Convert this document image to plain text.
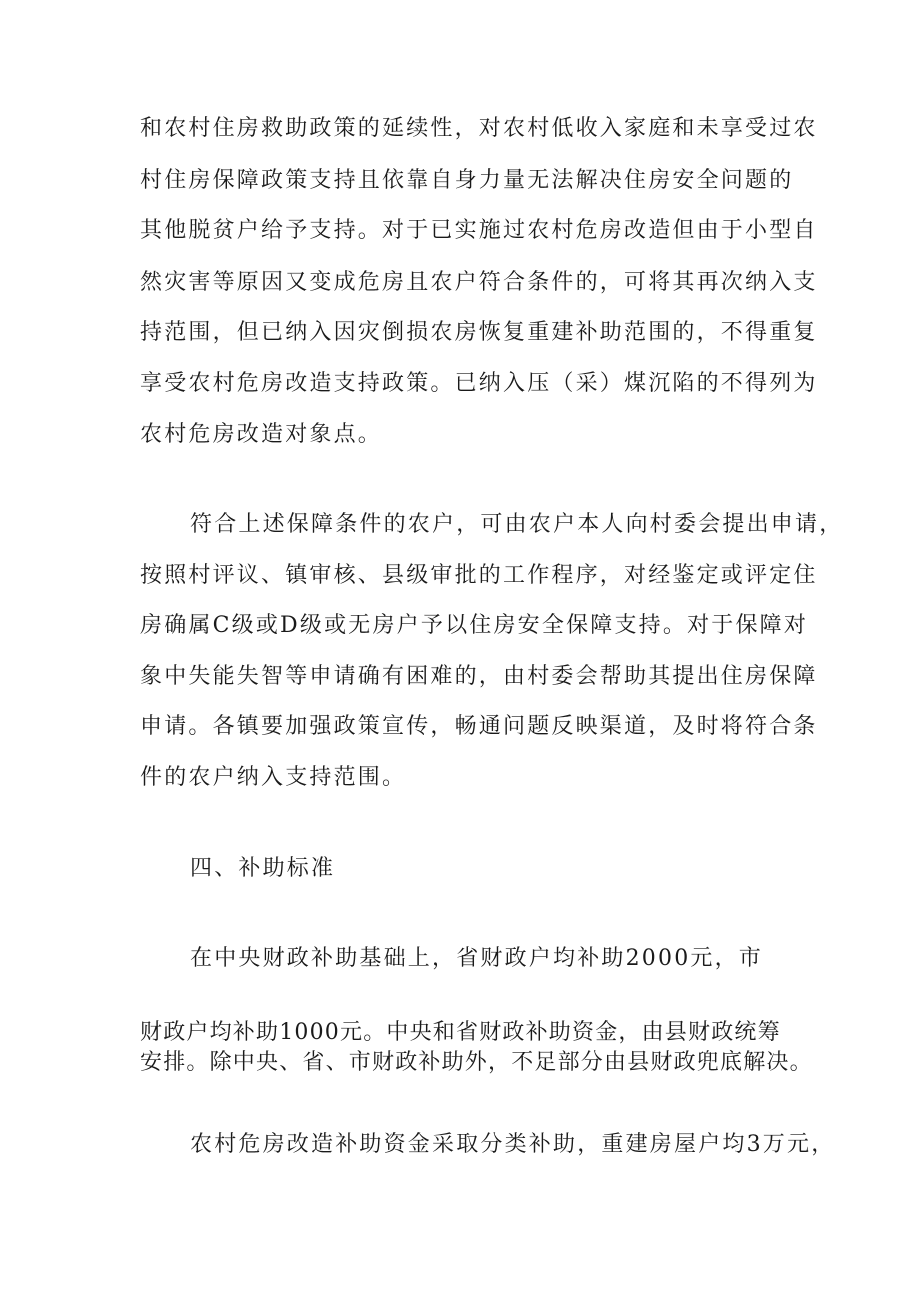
和农村住房救助政策的延续性，对农村低收入家庭和未享受过农
村住房保障政策支持且依靠自身力量无法解决住房安全问题的
其他脱贫户给予支持。对于已实施过农村危房改造但由于小型自
然灾害等原因又变成危房且农户符合条件的，可将其再次纳入支
持范围，但已纳入因灾倒损农房恢复重建补助范围的，不得重复
享受农村危房改造支持政策。已纳入压（采）煤沉陷的不得列为
农村危房改造对象点。
符合上述保障条件的农户，可由农户本人向村委会提出申请，
按照村评议、镇审核、县级审批的工作程序，对经鉴定或评定住
房确属C级或D级或无房户予以住房安全保障支持。对于保障对
象中失能失智等申请确有困难的，由村委会帮助其提出住房保障
申请。各镇要加强政策宣传，畅通问题反映渠道，及时将符合条
件的农户纳入支持范围。
四、补助标准
在中央财政补助基础上，省财政户均补助2000元，市
财政户均补助1000元。中央和省财政补助资金，由县财政统筹
安排。除中央、省、市财政补助外，不足部分由县财政兜底解决。
农村危房改造补助资金采取分类补助，重建房屋户均3万元，
